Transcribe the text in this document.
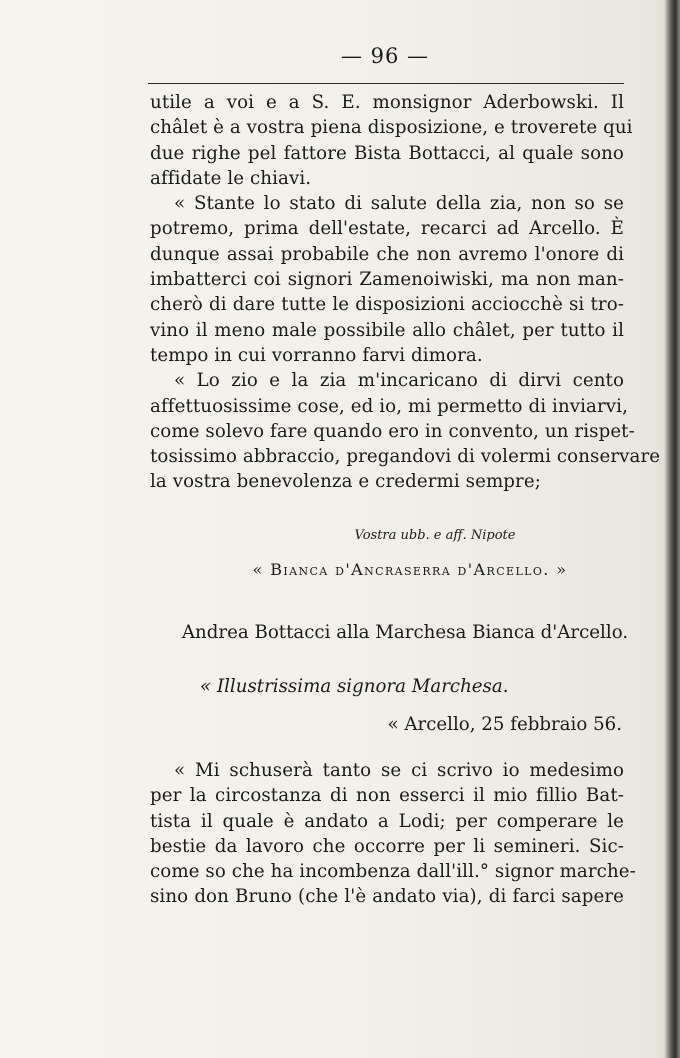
— 96 —
utile a voi e a S. E. monsignor Aderbowski. Il
châlet è a vostra piena disposizione, e troverete qui
due righe pel fattore Bista Bottacci, al quale sono
affidate le chiavi.
« Stante lo stato di salute della zia, non so se
potremo, prima dell'estate, recarci ad Arcello. È
dunque assai probabile che non avremo l'onore di
imbatterci coi signori Zamenoiwiski, ma non man-
cherò di dare tutte le disposizioni acciocchè si tro-
vino il meno male possibile allo châlet, per tutto il
tempo in cui vorranno farvi dimora.
« Lo zio e la zia m'incaricano di dirvi cento
affettuosissime cose, ed io, mi permetto di inviarvi,
come solevo fare quando ero in convento, un rispet-
tosissimo abbraccio, pregandovi di volermi conservare
la vostra benevolenza e credermi sempre;
Vostra ubb. e aff. Nipote
« Bianca d'Ancraserra d'Arcello. »
Andrea Bottacci alla Marchesa Bianca d'Arcello.
« Illustrissima signora Marchesa.
« Arcello, 25 febbraio 56.
« Mi schuserà tanto se ci scrivo io medesimo
per la circostanza di non esserci il mio fillio Bat-
tista il quale è andato a Lodi; per comperare le
bestie da lavoro che occorre per li semineri. Sic-
come so che ha incombenza dall'ill.° signor marche-
sino don Bruno (che l'è andato via), di farci sapere
